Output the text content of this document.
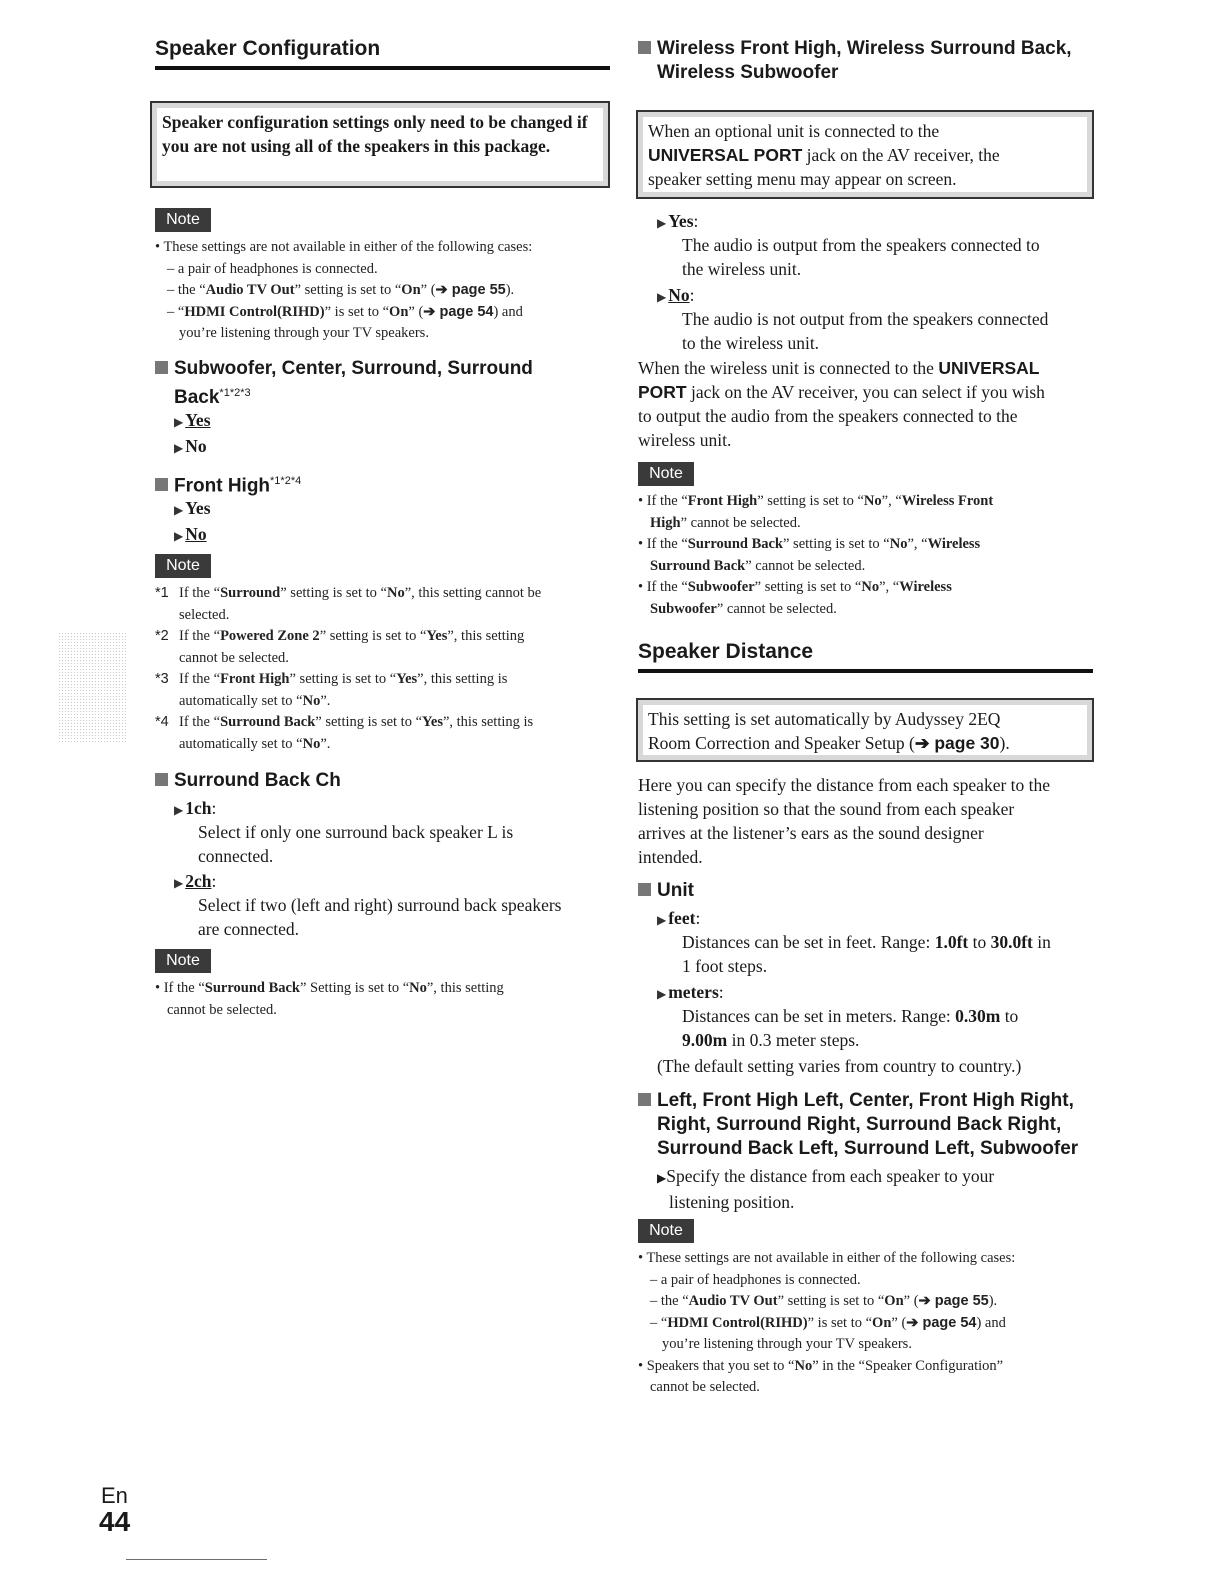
Speaker Configuration
Speaker configuration settings only need to be changed if you are not using all of the speakers in this package.
Note

• These settings are not available in either of the following cases:

– a pair of headphones is connected.

– the “Audio TV Out” setting is set to “On” (➔ page 55).

– “HDMI Control(RIHD)” is set to “On” (➔ page 54) and

you’re listening through your TV speakers.

Subwoofer, Center, Surround, Surround
Back$^{*1*2*3}$
▶ Yes
▶ No
Front High$^{*1*2*4}$
▶ Yes
▶ No
Note

*1 If the “Surround” setting is set to “No”, this setting cannot be

selected.

*2 If the “Powered Zone 2” setting is set to “Yes”, this setting

cannot be selected.

*3 If the “Front High” setting is set to “Yes”, this setting is

automatically set to “No”.

*4 If the “Surround Back” setting is set to “Yes”, this setting is

automatically set to “No”.

Surround Back Ch
▶ 1ch:
Select if only one surround back speaker L is
connected.
▶ 2ch:
Select if two (left and right) surround back speakers
are connected.
Note

• If the “Surround Back” Setting is set to “No”, this setting

cannot be selected.

Wireless Front High, Wireless Surround Back,
Wireless Subwoofer
When an optional unit is connected to the
UNIVERSAL PORT jack on the AV receiver, the
speaker setting menu may appear on screen.
▶ Yes:
The audio is output from the speakers connected to
the wireless unit.
▶ No:
The audio is not output from the speakers connected
to the wireless unit.
When the wireless unit is connected to the UNIVERSAL
PORT jack on the AV receiver, you can select if you wish
to output the audio from the speakers connected to the
wireless unit.
Note

• If the “Front High” setting is set to “No”, “Wireless Front

High” cannot be selected.

• If the “Surround Back” setting is set to “No”, “Wireless

Surround Back” cannot be selected.

• If the “Subwoofer” setting is set to “No”, “Wireless

Subwoofer” cannot be selected.

Speaker Distance
This setting is set automatically by Audyssey 2EQ
Room Correction and Speaker Setup (➔ page 30).
Here you can specify the distance from each speaker to the
listening position so that the sound from each speaker
arrives at the listener’s ears as the sound designer
intended.
Unit
▶ feet:
Distances can be set in feet. Range: 1.0ft to 30.0ft in
1 foot steps.
▶ meters:
Distances can be set in meters. Range: 0.30m to
9.00m in 0.3 meter steps.
(The default setting varies from country to country.)
Left, Front High Left, Center, Front High Right,
Right, Surround Right, Surround Back Right,
Surround Back Left, Surround Left, Subwoofer
▶Specify the distance from each speaker to your
listening position.
Note

• These settings are not available in either of the following cases:

– a pair of headphones is connected.

– the “Audio TV Out” setting is set to “On” (➔ page 55).

– “HDMI Control(RIHD)” is set to “On” (➔ page 54) and

you’re listening through your TV speakers.

• Speakers that you set to “No” in the “Speaker Configuration”

cannot be selected.

En
44
